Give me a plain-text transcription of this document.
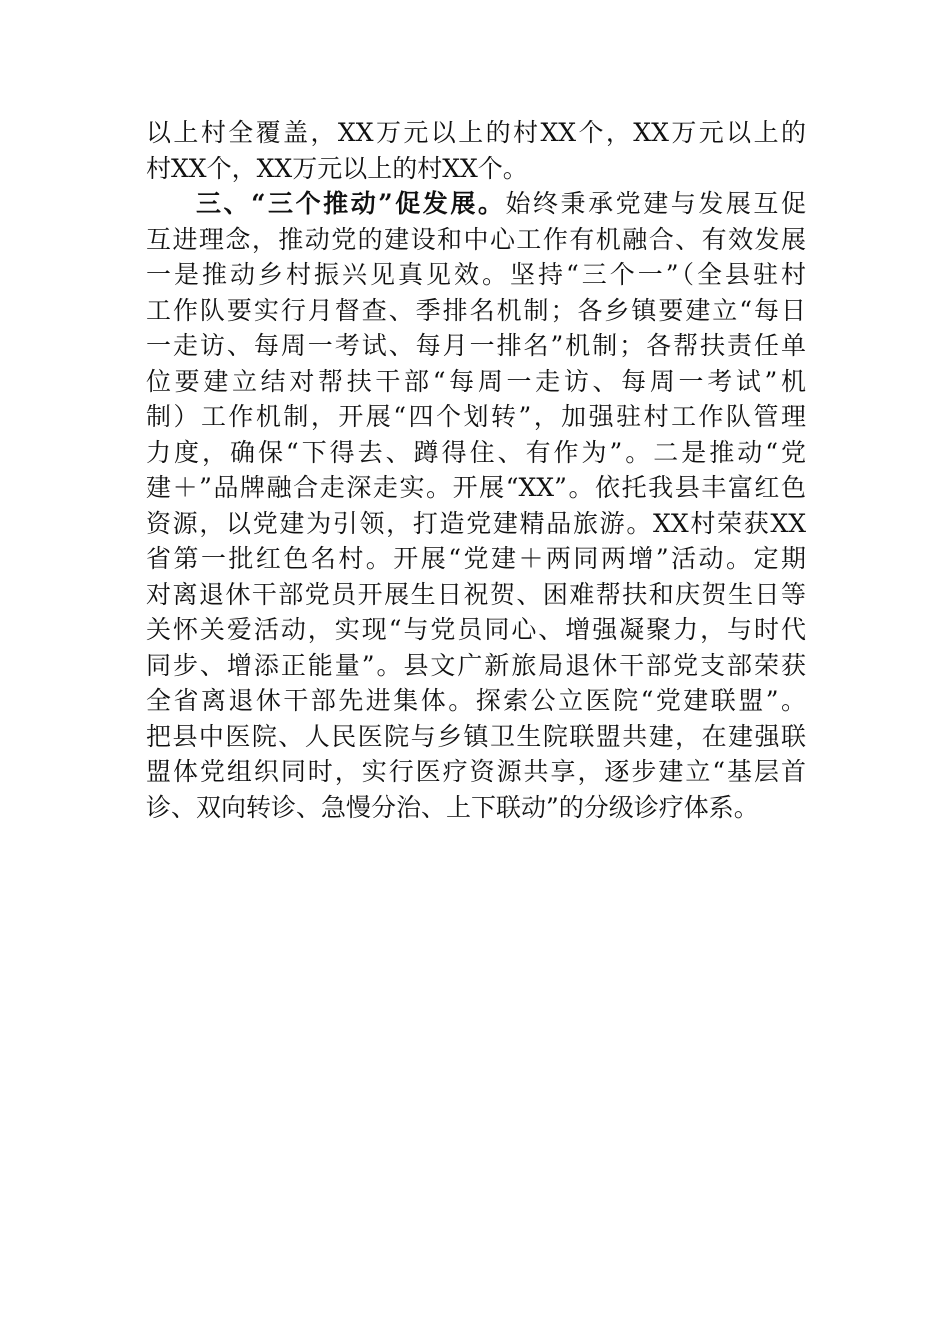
以上村全覆盖，XX万元以上的村XX个，XX万元以上的
村XX个，XX万元以上的村XX个。

三、“三个推动”促发展。始终秉承党建与发展互促
互进理念，推动党的建设和中心工作有机融合、有效发展
一是推动乡村振兴见真见效。坚持“三个一”（全县驻村
工作队要实行月督查、季排名机制；各乡镇要建立“每日
一走访、每周一考试、每月一排名”机制；各帮扶责任单
位要建立结对帮扶干部“每周一走访、每周一考试”机
制）工作机制，开展“四个划转”，加强驻村工作队管理
力度，确保“下得去、蹲得住、有作为”。二是推动“党
建＋”品牌融合走深走实。开展“XX”。依托我县丰富红色
资源，以党建为引领，打造党建精品旅游。XX村荣获XX
省第一批红色名村。开展“党建＋两同两增”活动。定期
对离退休干部党员开展生日祝贺、困难帮扶和庆贺生日等
关怀关爱活动，实现“与党员同心、增强凝聚力，与时代
同步、增添正能量”。县文广新旅局退休干部党支部荣获
全省离退休干部先进集体。探索公立医院“党建联盟”。
把县中医院、人民医院与乡镇卫生院联盟共建，在建强联
盟体党组织同时，实行医疗资源共享，逐步建立“基层首
诊、双向转诊、急慢分治、上下联动”的分级诊疗体系。
